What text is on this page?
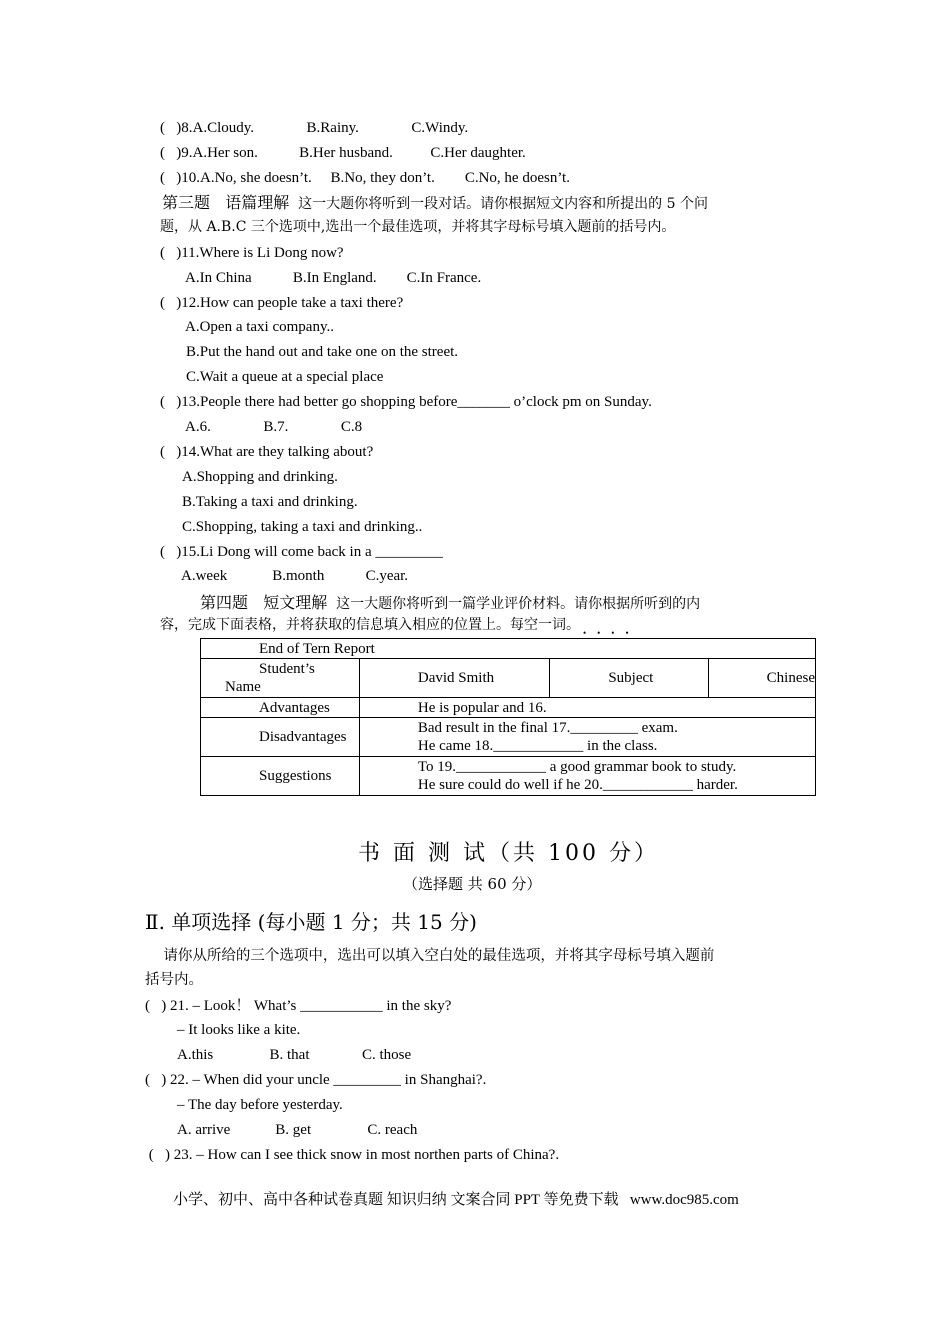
(   )8.A.Cloudy.              B.Rainy.              C.Windy.
(   )9.A.Her son.           B.Her husband.          C.Her daughter.
(   )10.A.No, she doesn’t.     B.No, they don’t.        C.No, he doesn’t.
第三题   语篇理解  这一大题你将听到一段对话。请你根据短文内容和所提出的 5 个问
题，从 A.B.C 三个选项中,选出一个最佳选项，并将其字母标号填入题前的括号内。
(   )11.Where is Li Dong now?
A.In China           B.In England.        C.In France.
(   )12.How can people take a taxi there?
A.Open a taxi company..
B.Put the hand out and take one on the street.
C.Wait a queue at a special place
(   )13.People there had better go shopping before_______ o’clock pm on Sunday.
A.6.              B.7.              C.8
(   )14.What are they talking about?
A.Shopping and drinking.
B.Taking a taxi and drinking.
C.Shopping, taking a taxi and drinking..
(   )15.Li Dong will come back in a _________
A.week            B.month           C.year.
第四题   短文理解  这一大题你将听到一篇学业评价材料。请你根据所听到的内
容，完成下面表格，并将获取的信息填入相应的位置上。每空一词。 ••••
End of Tern Report			

Student’s
Name	David Smith	Subject	Chinese
Advantages	He is popular and 16.		
Disadvantages	Bad result in the final 17._________ exam.
He came 18.____________ in the class.		

Suggestions	To 19.____________ a good grammar book to study.
He sure could do well if he 20.____________ harder.		
书 面 测 试（共 100 分）
（选择题 共 60 分）
Ⅱ. 单项选择 (每小题 1 分；共 15 分)
请你从所给的三个选项中，选出可以填入空白处的最佳选项，并将其字母标号填入题前
括号内。
(   ) 21. – Look！ What’s ___________ in the sky?
– It looks like a kite.
A.this               B. that              C. those
(   ) 22. – When did your uncle _________ in Shanghai?.
– The day before yesterday.
A. arrive            B. get               C. reach
(   ) 23. – How can I see thick snow in most northen parts of China?.
小学、初中、高中各种试卷真题 知识归纳 文案合同 PPT 等免费下载   www.doc985.com
